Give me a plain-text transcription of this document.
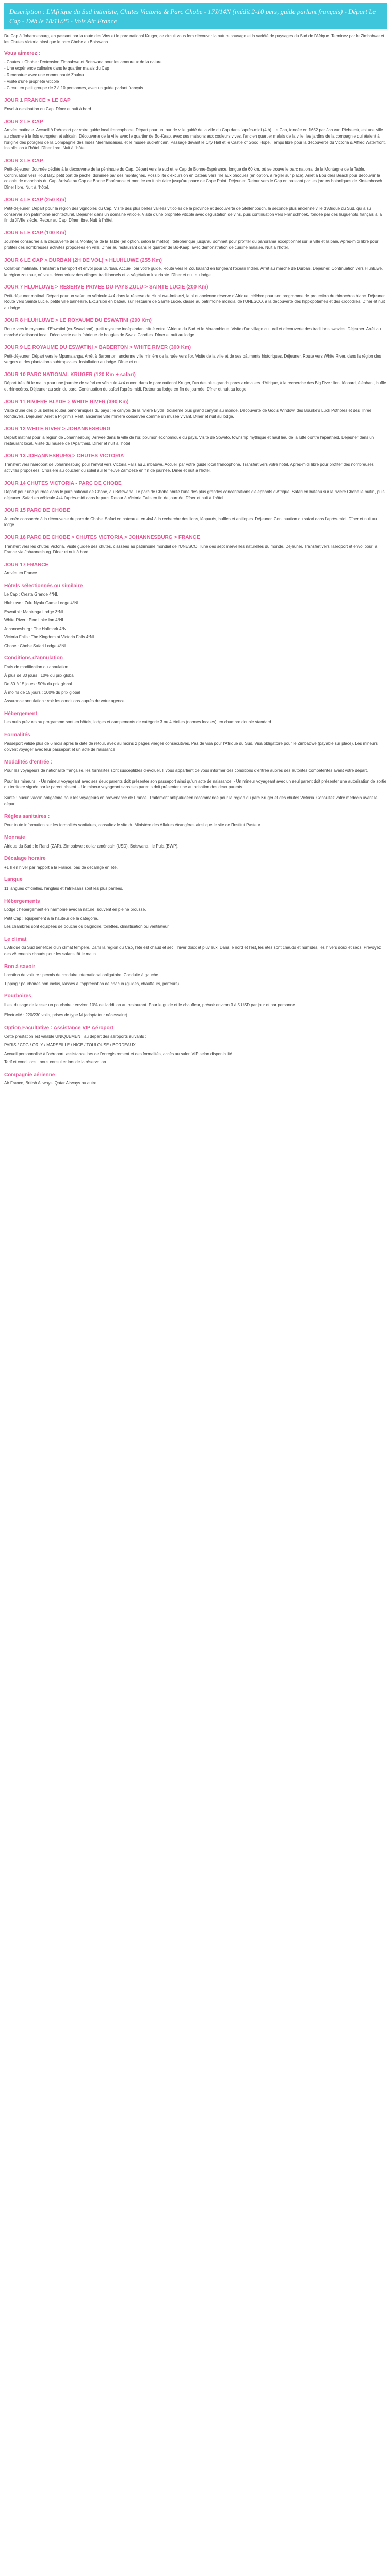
Description : L'Afrique du Sud intimiste, Chutes Victoria & Parc Chobe - 17J/14N (inédit 2-10 pers, guide parlant français) - Départ Le Cap - Déb le 18/11/25 - Vols Air France

Du Cap à Johannesburg, en passant par la route des Vins et le parc national Kruger, ce circuit vous fera découvrir la nature sauvage et la variété de paysages du Sud de l'Afrique. Terminez par le Zimbabwe et les Chutes Victoria ainsi que le parc Chobe au Botswana.

Vous aimerez :
- Chutes + Chobe : l'extension Zimbabwe et Botswana pour les amoureux de la nature
- Une expérience culinaire dans le quartier malais du Cap
- Rencontrer avec une communauté Zoulou
- Visite d'une propriété viticole
- Circuit en petit groupe de 2 à 10 personnes, avec un guide parlant français
JOUR 1 FRANCE > LE CAP

Envol à destination du Cap. Dîner et nuit à bord.

JOUR 2 LE CAP

Arrivée matinale. Accueil à l'aéroport par votre guide local francophone. Départ pour un tour de ville guidé de la ville du Cap dans l'après-midi (4 h). Le Cap, fondée en 1652 par Jan van Riebeeck, est une ville au charme à la fois européen et africain. Découverte de la ville avec le quartier de Bo-Kaap, avec ses maisons aux couleurs vives, l'ancien quartier malais de la ville, les jardins de la compagnie qui étaient à l'origine des potagers de la Compagnie des Indes Néerlandaises, et le musée sud-africain. Passage devant le City Hall et le Castle of Good Hope. Temps libre pour la découverte du Victoria & Alfred Waterfront. Installation à l'hôtel. Dîner libre. Nuit à l'hôtel.

JOUR 3 LE CAP

Petit-déjeuner. Journée dédiée à la découverte de la péninsule du Cap. Départ vers le sud et le Cap de Bonne-Espérance, longue de 60 km, où se trouve le parc national de la Montagne de la Table. Continuation vers Hout Bay, petit port de pêche, dominée par des montagnes. Possibilité d'excursion en bateau vers l'île aux phoques (en option, à régler sur place). Arrêt à Boulders Beach pour découvrir la colonie de manchots du Cap. Arrivée au Cap de Bonne Espérance et montée en funiculaire jusqu'au phare de Cape Point. Déjeuner. Retour vers le Cap en passant par les jardins botaniques de Kirstenbosch. Dîner libre. Nuit à l'hôtel.

JOUR 4 LE CAP (250 Km)

Petit-déjeuner. Départ pour la région des vignobles du Cap. Visite des plus belles vallées viticoles de la province et découverte de Stellenbosch, la seconde plus ancienne ville d'Afrique du Sud, qui a su conserver son patrimoine architectural. Déjeuner dans un domaine viticole. Visite d'une propriété viticole avec dégustation de vins, puis continuation vers Franschhoek, fondée par des huguenots français à la fin du XVIIe siècle. Retour au Cap. Dîner libre. Nuit à l'hôtel.

JOUR 5 LE CAP (100 Km)

Journée consacrée à la découverte de la Montagne de la Table (en option, selon la météo) : téléphérique jusqu'au sommet pour profiter du panorama exceptionnel sur la ville et la baie. Après-midi libre pour profiter des nombreuses activités proposées en ville. Dîner au restaurant dans le quartier de Bo-Kaap, avec démonstration de cuisine malaise. Nuit à l'hôtel.

JOUR 6 LE CAP > DURBAN (2H DE VOL) > HLUHLUWE (255 Km)

Collation matinale. Transfert à l'aéroport et envol pour Durban. Accueil par votre guide. Route vers le Zoulouland en longeant l'océan Indien. Arrêt au marché de Durban. Déjeuner. Continuation vers Hluhluwe, la région zouloue, où vous découvrirez des villages traditionnels et la végétation luxuriante. Dîner et nuit au lodge.

JOUR 7 HLUHLUWE > RESERVE PRIVEE DU PAYS ZULU > SAINTE LUCIE (200 Km)

Petit-déjeuner matinal. Départ pour un safari en véhicule 4x4 dans la réserve de Hluhluwe-Imfolozi, la plus ancienne réserve d'Afrique, célèbre pour son programme de protection du rhinocéros blanc. Déjeuner. Route vers Sainte Lucie, petite ville balnéaire. Excursion en bateau sur l'estuaire de Sainte Lucie, classé au patrimoine mondial de l'UNESCO, à la découverte des hippopotames et des crocodiles. Dîner et nuit au lodge.

JOUR 8 HLUHLUWE > LE ROYAUME DU ESWATINI (290 Km)

Route vers le royaume d'Eswatini (ex-Swaziland), petit royaume indépendant situé entre l'Afrique du Sud et le Mozambique. Visite d'un village culturel et découverte des traditions swazies. Déjeuner. Arrêt au marché d'artisanat local. Découverte de la fabrique de bougies de Swazi Candles. Dîner et nuit au lodge.

JOUR 9 LE ROYAUME DU ESWATINI > BABERTON > WHITE RIVER (300 Km)

Petit-déjeuner. Départ vers le Mpumalanga. Arrêt à Barberton, ancienne ville minière de la ruée vers l'or. Visite de la ville et de ses bâtiments historiques. Déjeuner. Route vers White River, dans la région des vergers et des plantations subtropicales. Installation au lodge. Dîner et nuit.

JOUR 10 PARC NATIONAL KRUGER (120 Km + safari)

Départ très tôt le matin pour une journée de safari en véhicule 4x4 ouvert dans le parc national Kruger, l'un des plus grands parcs animaliers d'Afrique, à la recherche des Big Five : lion, léopard, éléphant, buffle et rhinocéros. Déjeuner au sein du parc. Continuation du safari l'après-midi. Retour au lodge en fin de journée. Dîner et nuit au lodge.

JOUR 11 RIVIERE BLYDE > WHITE RIVER (390 Km)

Visite d'une des plus belles routes panoramiques du pays : le canyon de la rivière Blyde, troisième plus grand canyon au monde. Découverte de God's Window, des Bourke's Luck Potholes et des Three Rondavels. Déjeuner. Arrêt à Pilgrim's Rest, ancienne ville minière conservée comme un musée vivant. Dîner et nuit au lodge.

JOUR 12 WHITE RIVER > JOHANNESBURG

Départ matinal pour la région de Johannesburg. Arrivée dans la ville de l'or, poumon économique du pays. Visite de Soweto, township mythique et haut lieu de la lutte contre l'apartheid. Déjeuner dans un restaurant local. Visite du musée de l'Apartheid. Dîner et nuit à l'hôtel.

JOUR 13 JOHANNESBURG > CHUTES VICTORIA

Transfert vers l'aéroport de Johannesburg pour l'envol vers Victoria Falls au Zimbabwe. Accueil par votre guide local francophone. Transfert vers votre hôtel. Après-midi libre pour profiter des nombreuses activités proposées. Croisière au coucher du soleil sur le fleuve Zambèze en fin de journée. Dîner et nuit à l'hôtel.

JOUR 14 CHUTES VICTORIA - PARC DE CHOBE

Départ pour une journée dans le parc national de Chobe, au Botswana. Le parc de Chobe abrite l'une des plus grandes concentrations d'éléphants d'Afrique. Safari en bateau sur la rivière Chobe le matin, puis déjeuner. Safari en véhicule 4x4 l'après-midi dans le parc. Retour à Victoria Falls en fin de journée. Dîner et nuit à l'hôtel.

JOUR 15 PARC DE CHOBE

Journée consacrée à la découverte du parc de Chobe. Safari en bateau et en 4x4 à la recherche des lions, léopards, buffles et antilopes. Déjeuner. Continuation du safari dans l'après-midi. Dîner et nuit au lodge.

JOUR 16 PARC DE CHOBE > CHUTES VICTORIA > JOHANNESBURG > FRANCE

Transfert vers les chutes Victoria. Visite guidée des chutes, classées au patrimoine mondial de l'UNESCO, l'une des sept merveilles naturelles du monde. Déjeuner. Transfert vers l'aéroport et envol pour la France via Johannesburg. Dîner et nuit à bord.

JOUR 17 FRANCE

Arrivée en France.

Hôtels sélectionnés ou similaire

Le Cap : Cresta Grande 4*NL

Hluhluwe : Zulu Nyala Game Lodge 4*NL

Eswatini : Mantenga Lodge 3*NL

White River : Pine Lake Inn 4*NL

Johannesburg : The Hallmark 4*NL

Victoria Falls : The Kingdom at Victoria Falls 4*NL

Chobe : Chobe Safari Lodge 4*NL

Conditions d'annulation

Frais de modification ou annulation :

À plus de 30 jours : 10% du prix global

De 30 à 15 jours : 50% du prix global

À moins de 15 jours : 100% du prix global

Assurance annulation : voir les conditions auprès de votre agence.

Hébergement

Les nuits prévues au programme sont en hôtels, lodges et campements de catégorie 3 ou 4 étoiles (normes locales), en chambre double standard.

Formalités

Passeport valide plus de 6 mois après la date de retour, avec au moins 2 pages vierges consécutives. Pas de visa pour l'Afrique du Sud. Visa obligatoire pour le Zimbabwe (payable sur place). Les mineurs doivent voyager avec leur passeport et un acte de naissance.

Modalités d'entrée :

Pour les voyageurs de nationalité française, les formalités sont susceptibles d'évoluer. Il vous appartient de vous informer des conditions d'entrée auprès des autorités compétentes avant votre départ.

Pour les mineurs : - Un mineur voyageant avec ses deux parents doit présenter son passeport ainsi qu'un acte de naissance. - Un mineur voyageant avec un seul parent doit présenter une autorisation de sortie du territoire signée par le parent absent. - Un mineur voyageant sans ses parents doit présenter une autorisation des deux parents.

Santé : aucun vaccin obligatoire pour les voyageurs en provenance de France. Traitement antipaludéen recommandé pour la région du parc Kruger et des chutes Victoria. Consultez votre médecin avant le départ.

Règles sanitaires :

Pour toute information sur les formalités sanitaires, consultez le site du Ministère des Affaires étrangères ainsi que le site de l'Institut Pasteur.

Monnaie

Afrique du Sud : le Rand (ZAR). Zimbabwe : dollar américain (USD). Botswana : le Pula (BWP).

Décalage horaire

+1 h en hiver par rapport à la France, pas de décalage en été.

Langue

11 langues officielles, l'anglais et l'afrikaans sont les plus parlées.

Hébergements

Lodge : hébergement en harmonie avec la nature, souvent en pleine brousse.

Petit Cap : équipement à la hauteur de la catégorie.

Les chambres sont équipées de douche ou baignoire, toilettes, climatisation ou ventilateur.

Le climat

L'Afrique du Sud bénéficie d'un climat tempéré. Dans la région du Cap, l'été est chaud et sec, l'hiver doux et pluvieux. Dans le nord et l'est, les étés sont chauds et humides, les hivers doux et secs. Prévoyez des vêtements chauds pour les safaris tôt le matin.

Bon à savoir

Location de voiture : permis de conduire international obligatoire. Conduite à gauche.

Tipping : pourboires non inclus, laissés à l'appréciation de chacun (guides, chauffeurs, porteurs).

Pourboires

Il est d'usage de laisser un pourboire : environ 10% de l'addition au restaurant. Pour le guide et le chauffeur, prévoir environ 3 à 5 USD par jour et par personne.

Électricité : 220/230 volts, prises de type M (adaptateur nécessaire).

Option Facultative : Assistance VIP Aéroport

Cette prestation est valable UNIQUEMENT au départ des aéroports suivants :

PARIS / CDG / ORLY / MARSEILLE / NICE / TOULOUSE / BORDEAUX

Accueil personnalisé à l'aéroport, assistance lors de l'enregistrement et des formalités, accès au salon VIP selon disponibilité.

Tarif et conditions : nous consulter lors de la réservation.

Compagnie aérienne

Air France, British Airways, Qatar Airways ou autre...
